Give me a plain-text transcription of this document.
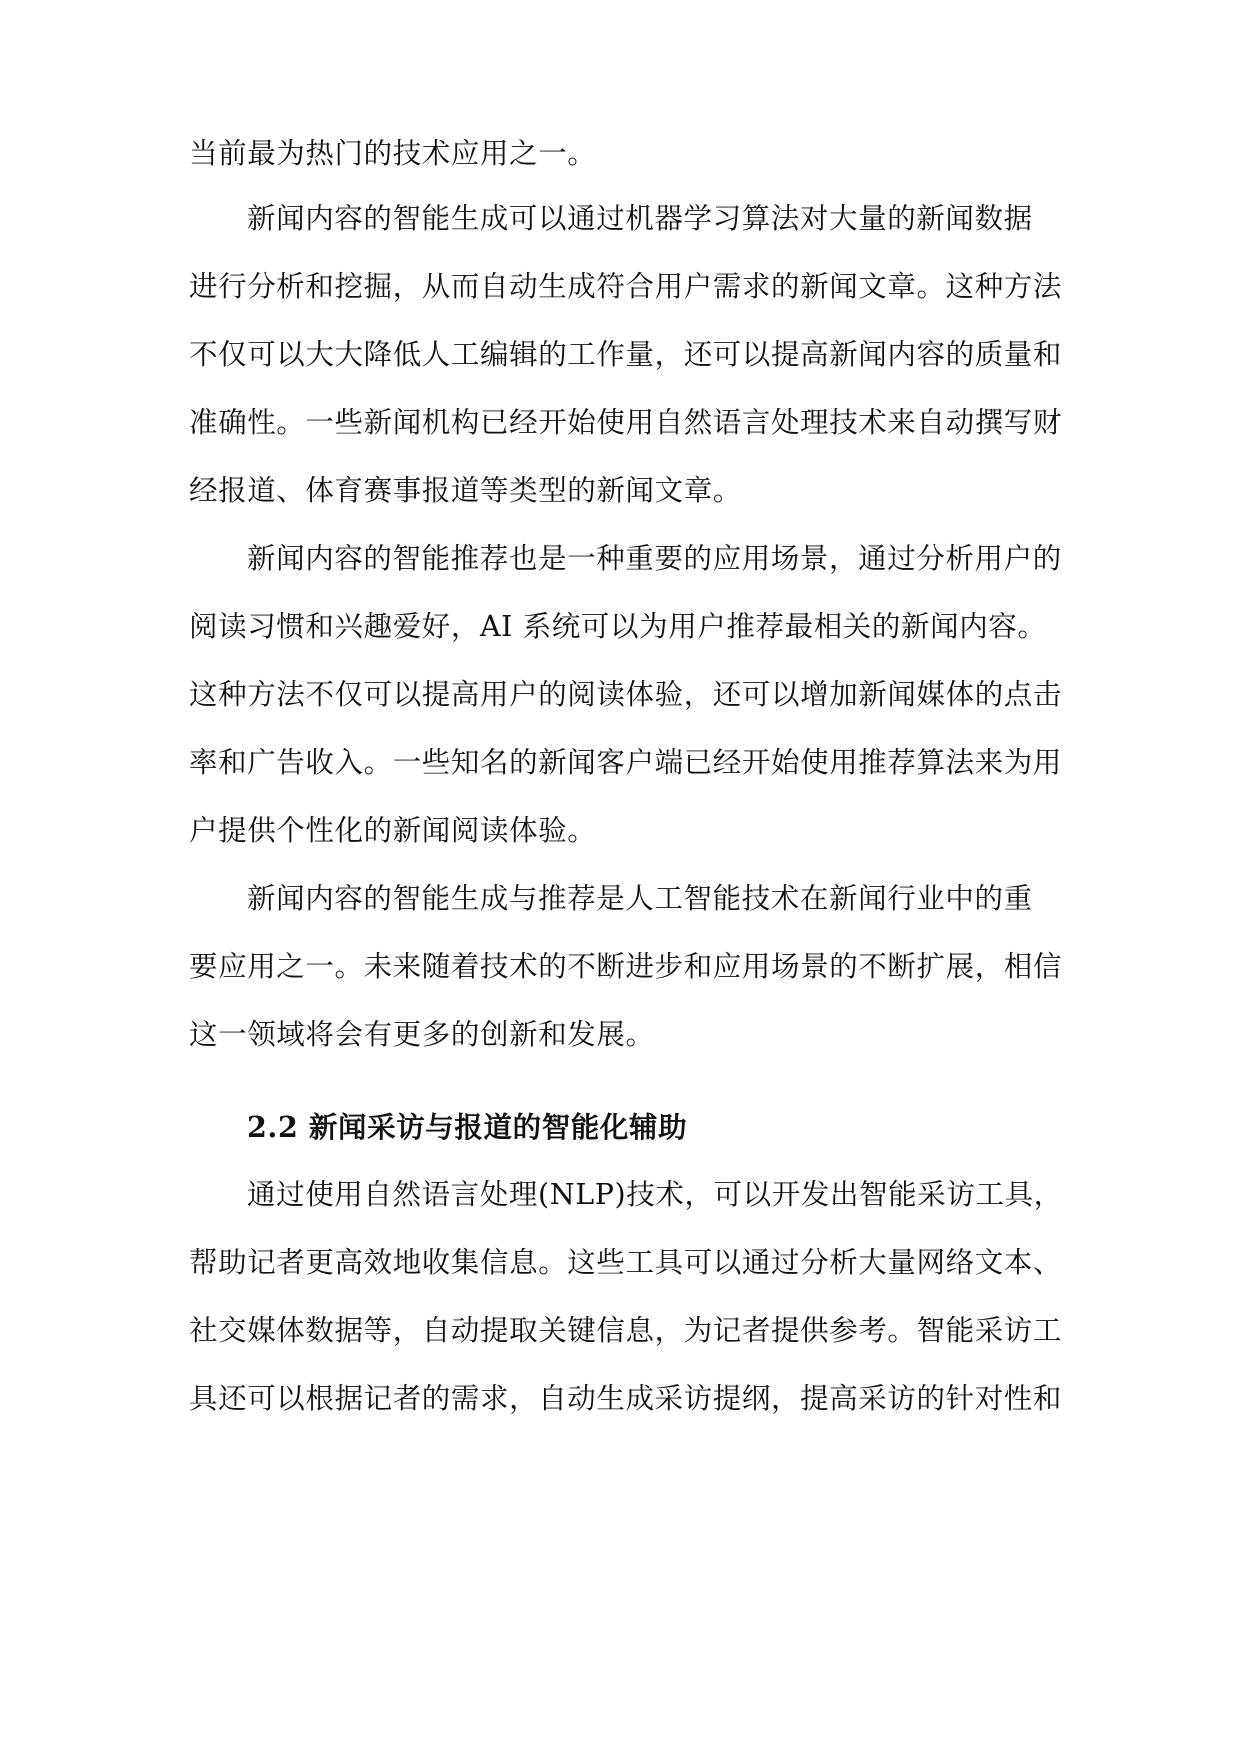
当前最为热门的技术应用之一。
新闻内容的智能生成可以通过机器学习算法对大量的新闻数据
进行分析和挖掘，从而自动生成符合用户需求的新闻文章。这种方法
不仅可以大大降低人工编辑的工作量，还可以提高新闻内容的质量和
准确性。一些新闻机构已经开始使用自然语言处理技术来自动撰写财
经报道、体育赛事报道等类型的新闻文章。
新闻内容的智能推荐也是一种重要的应用场景，通过分析用户的
阅读习惯和兴趣爱好，AI 系统可以为用户推荐最相关的新闻内容。
这种方法不仅可以提高用户的阅读体验，还可以增加新闻媒体的点击
率和广告收入。一些知名的新闻客户端已经开始使用推荐算法来为用
户提供个性化的新闻阅读体验。
新闻内容的智能生成与推荐是人工智能技术在新闻行业中的重
要应用之一。未来随着技术的不断进步和应用场景的不断扩展，相信
这一领域将会有更多的创新和发展。
2.2 新闻采访与报道的智能化辅助
通过使用自然语言处理(NLP)技术，可以开发出智能采访工具，
帮助记者更高效地收集信息。这些工具可以通过分析大量网络文本、
社交媒体数据等，自动提取关键信息，为记者提供参考。智能采访工
具还可以根据记者的需求，自动生成采访提纲，提高采访的针对性和
